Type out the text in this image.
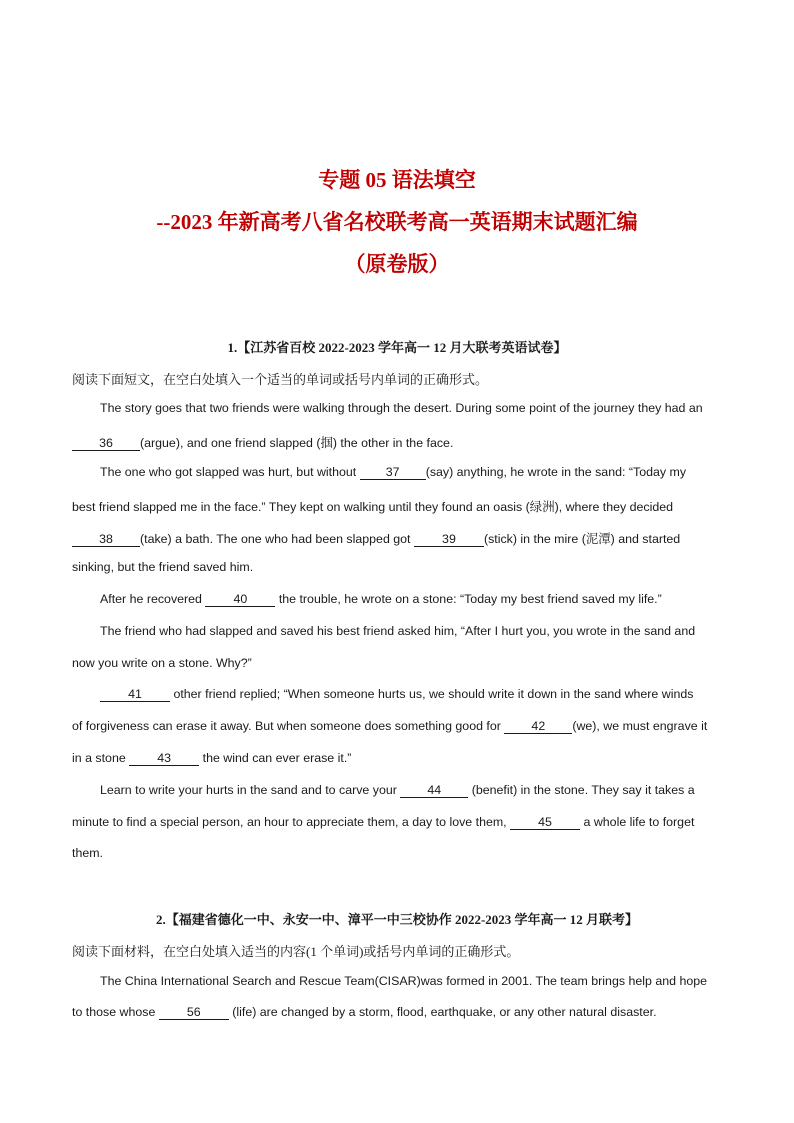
专题 05 语法填空
--2023 年新高考八省名校联考高一英语期末试题汇编
（原卷版）

1.【江苏省百校 2022-2023 学年高一 12 月大联考英语试卷】

阅读下面短文，在空白处填入一个适当的单词或括号内单词的正确形式。

The story goes that two friends were walking through the desert. During some point of the journey they had an

36 (argue), and one friend slapped (掴) the other in the face.

The one who got slapped was hurt, but without 37 (say) anything, he wrote in the sand: “Today my

best friend slapped me in the face.” They kept on walking until they found an oasis (绿洲), where they decided

38 (take) a bath. The one who had been slapped got 39 (stick) in the mire (泥潭) and started

sinking, but the friend saved him.

After he recovered 40 the trouble, he wrote on a stone: “Today my best friend saved my life.”

The friend who had slapped and saved his best friend asked him, “After I hurt you, you wrote in the sand and

now you write on a stone. Why?”

41 other friend replied; “When someone hurts us, we should write it down in the sand where winds

of forgiveness can erase it away. But when someone does something good for 42 (we), we must engrave it

in a stone 43 the wind can ever erase it.”

Learn to write your hurts in the sand and to carve your 44 (benefit) in the stone. They say it takes a

minute to find a special person, an hour to appreciate them, a day to love them, 45 a whole life to forget

them.

2.【福建省德化一中、永安一中、漳平一中三校协作 2022-2023 学年高一 12 月联考】

阅读下面材料，在空白处填入适当的内容(1 个单词)或括号内单词的正确形式。

The China International Search and Rescue Team(CISAR)was formed in 2001. The team brings help and hope

to those whose 56 (life) are changed by a storm, flood, earthquake, or any other natural disaster.
